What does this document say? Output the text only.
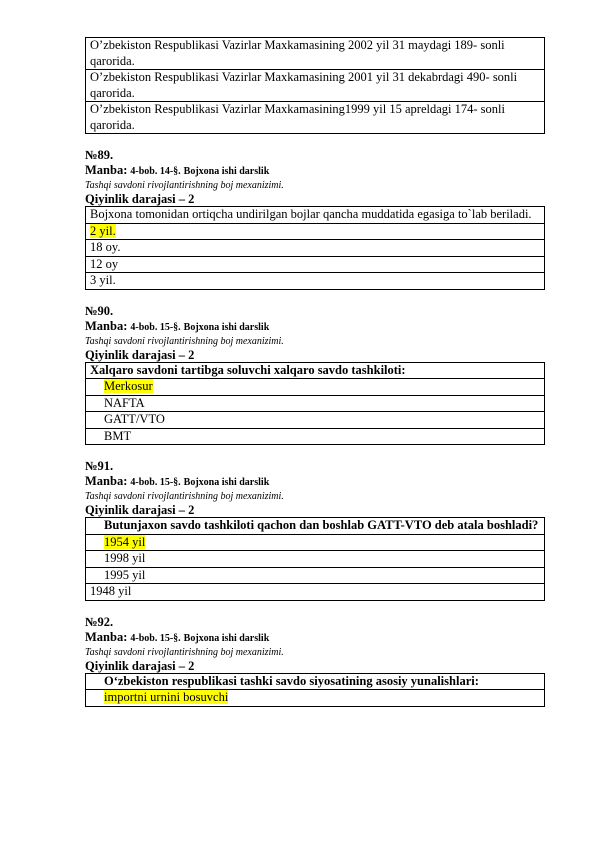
O’zbekiston Respublikasi Vazirlar Maxkamasining 2002 yil 31 maydagi 189- sonli qarorida.
O’zbekiston Respublikasi Vazirlar Maxkamasining 2001 yil 31 dekabrdagi 490- sonli qarorida.
O’zbekiston Respublikasi Vazirlar Maxkamasining1999 yil 15 apreldagi 174- sonli qarorida.
№89.
Manba: 4-bob. 14-§. Bojxona ishi darslik
Tashqi savdoni rivojlantirishning boj mexanizimi.
Qiyinlik darajasi – 2
Bojxona tomonidan ortiqcha undirilgan bojlar qancha muddatida egasiga to`lab beriladi.
2 yil.
18 oy.
12 oy
3 yil.
№90.
Manba: 4-bob. 15-§. Bojxona ishi darslik
Tashqi savdoni rivojlantirishning boj mexanizimi.
Qiyinlik darajasi – 2
Xalqaro savdoni tartibga soluvchi xalqaro savdo tashkiloti:
Merkosur
NAFTA
GATT/VTO
BMT
№91.
Manba: 4-bob. 15-§. Bojxona ishi darslik
Tashqi savdoni rivojlantirishning boj mexanizimi.
Qiyinlik darajasi – 2
Butunjaxon savdo tashkiloti qachon dan boshlab GATT-VTO deb atala boshladi?
1954 yil
1998 yil
1995 yil
1948 yil
№92.
Manba: 4-bob. 15-§. Bojxona ishi darslik
Tashqi savdoni rivojlantirishning boj mexanizimi.
Qiyinlik darajasi – 2
O‘zbekiston respublikasi tashki savdo siyosatining asosiy yunalishlari:
importni urnini bosuvchi
